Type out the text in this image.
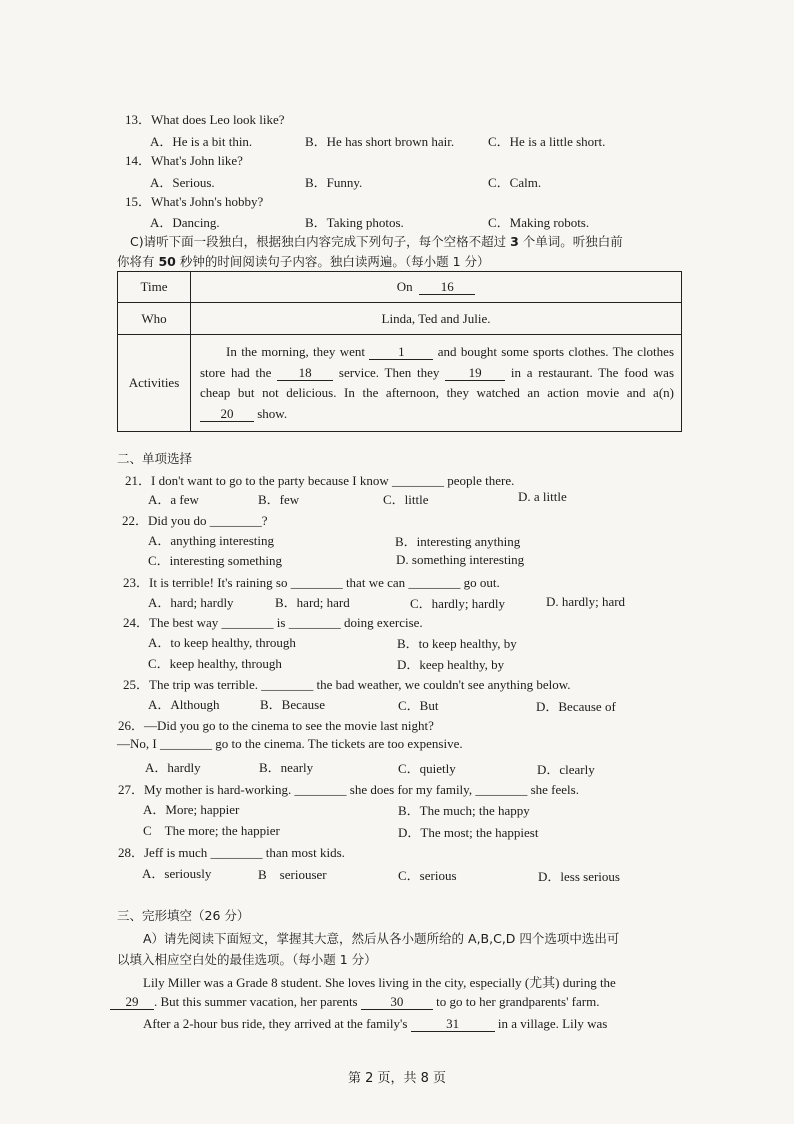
13．What does Leo look like?
A．He is a bit thin.	B．He has short brown hair.	C．He is a little short.
14．What's John like?
A．Serious.	B．Funny.	C．Calm.
15．What's John's hobby?
A．Dancing.	B．Taking photos.	C．Making robots.
C)请听下面一段独白，根据独白内容完成下列句子，每个空格不超过 3 个单词。听独白前
你将有 50 秒钟的时间阅读句子内容。独白读两遍。（每小题 1 分）
Time	On 16
Who	Linda, Ted and Julie.
Activities	In the morning, they went 1 and bought some sports clothes. The clothes store had the 18 service. Then they 19 in a restaurant. The food was cheap but not delicious. In the afternoon, they watched an action movie and a(n) 20 show.
二、单项选择
21．I don't want to go to the party because I know ________ people there.
A．a few	B．few	C．little	D. a little
22．Did you do ________?
A．anything interesting	B．interesting anything
C．interesting something	D. something interesting
23．It is terrible! It's raining so ________ that we can ________ go out.
A．hard; hardly	B．hard; hard	C．hardly; hardly	D. hardly; hard
24．The best way ________ is ________ doing exercise.
A．to keep healthy, through	B．to keep healthy, by
C．keep healthy, through	D．keep healthy, by
25．The trip was terrible. ________ the bad weather, we couldn't see anything below.
A．Although	B．Because	C．But	D．Because of
26．—Did you go to the cinema to see the movie last night?
—No, I ________ go to the cinema. The tickets are too expensive.
A．hardly	B．nearly	C．quietly	D．clearly
27．My mother is hard-working. ________ she does for my family, ________ she feels.
A．More; happier	B．The much; the happy
C　The more; the happier	D．The most; the happiest
28．Jeff is much ________ than most kids.
A．seriously	B　seriouser	C．serious	D．less serious
三、完形填空（26 分）
A）请先阅读下面短文，掌握其大意，然后从各小题所给的 A,B,C,D 四个选项中选出可
以填入相应空白处的最佳选项。（每小题 1 分）
Lily Miller was a Grade 8 student. She loves living in the city, especially (尤其) during the
29 . But this summer vacation, her parents 30 to go to her grandparents' farm.
After a 2-hour bus ride, they arrived at the family's	31	in a village. Lily was
第 2 页，共 8 页
